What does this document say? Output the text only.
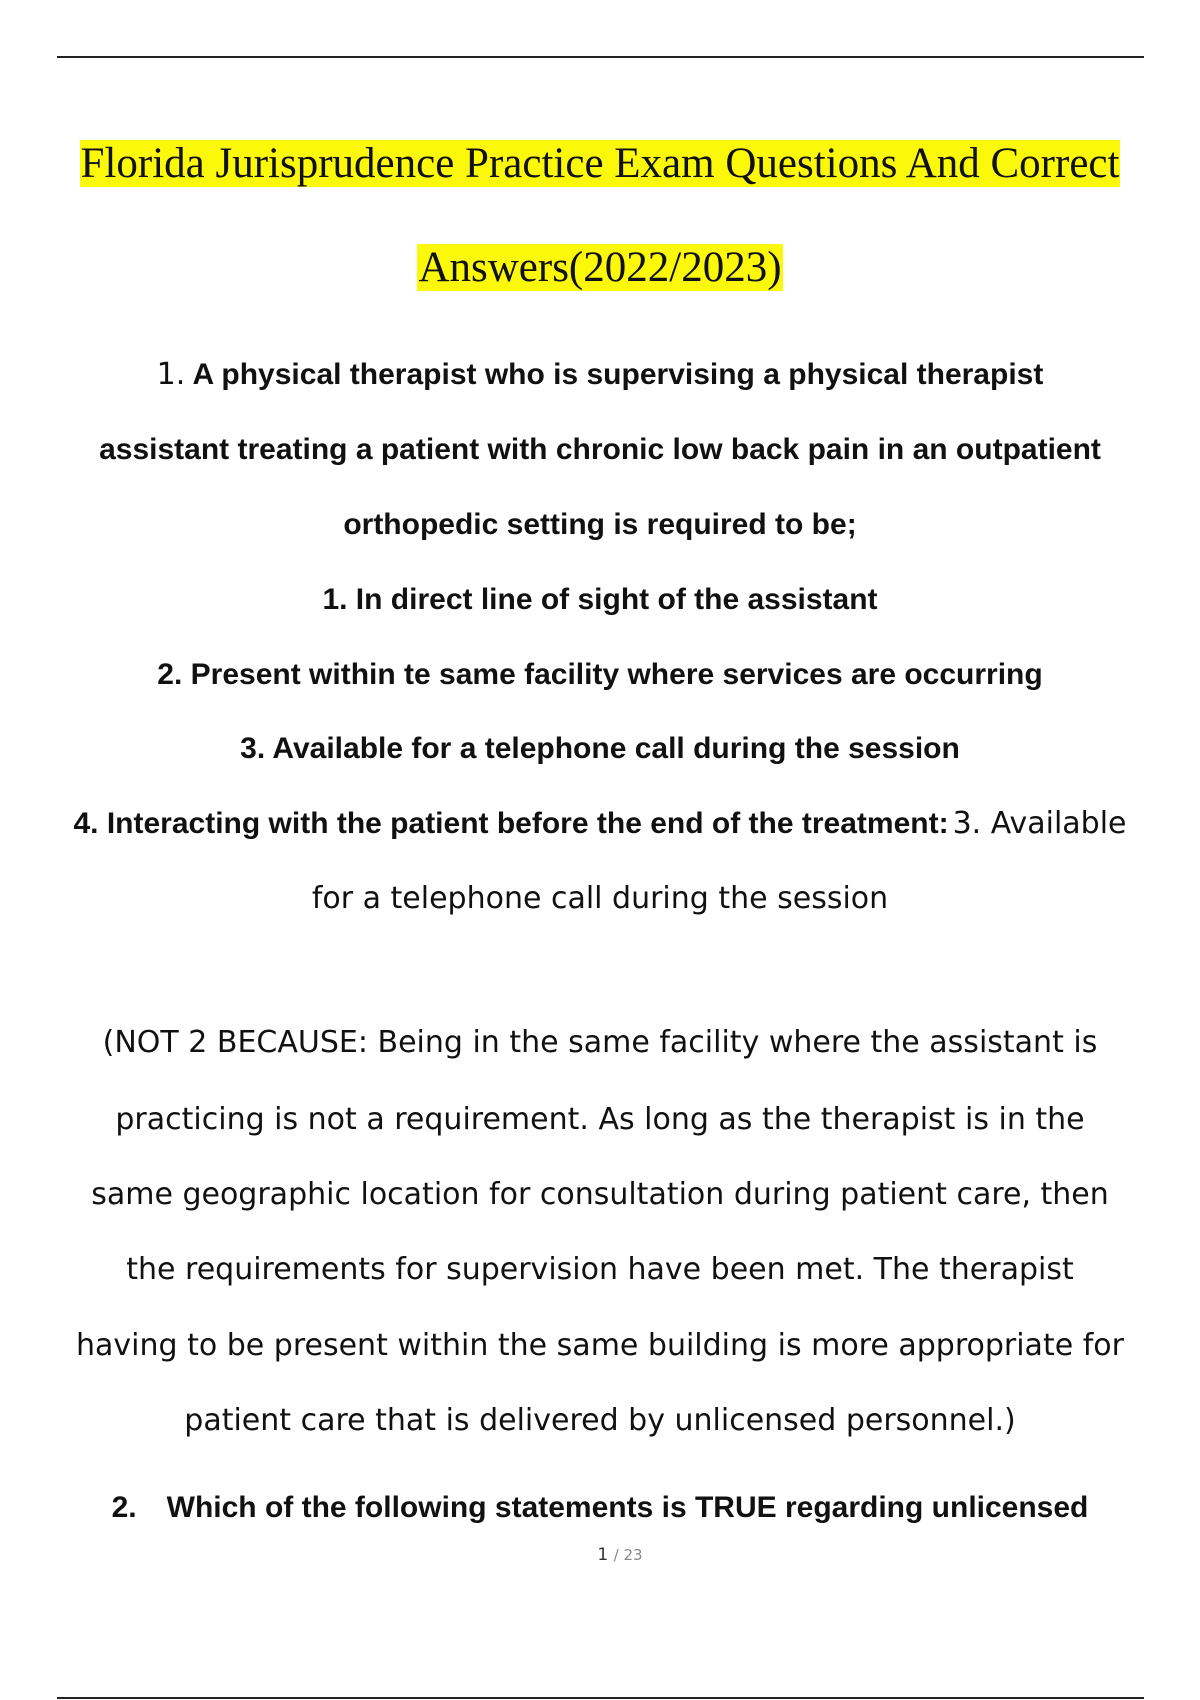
Florida Jurisprudence Practice Exam Questions And Correct
Answers(2022/2023)
1. A physical therapist who is supervising a physical therapist
assistant treating a patient with chronic low back pain in an outpatient
orthopedic setting is required to be;
1. In direct line of sight of the assistant
2. Present within te same facility where services are occurring
3. Available for a telephone call during the session
4. Interacting with the patient before the end of the treatment: 3. Available
for a telephone call during the session
(NOT 2 BECAUSE: Being in the same facility where the assistant is
practicing is not a requirement. As long as the therapist is in the
same geographic location for consultation during patient care, then
the requirements for supervision have been met. The therapist
having to be present within the same building is more appropriate for
patient care that is delivered by unlicensed personnel.)
2. Which of the following statements is TRUE regarding unlicensed
1 / 23
